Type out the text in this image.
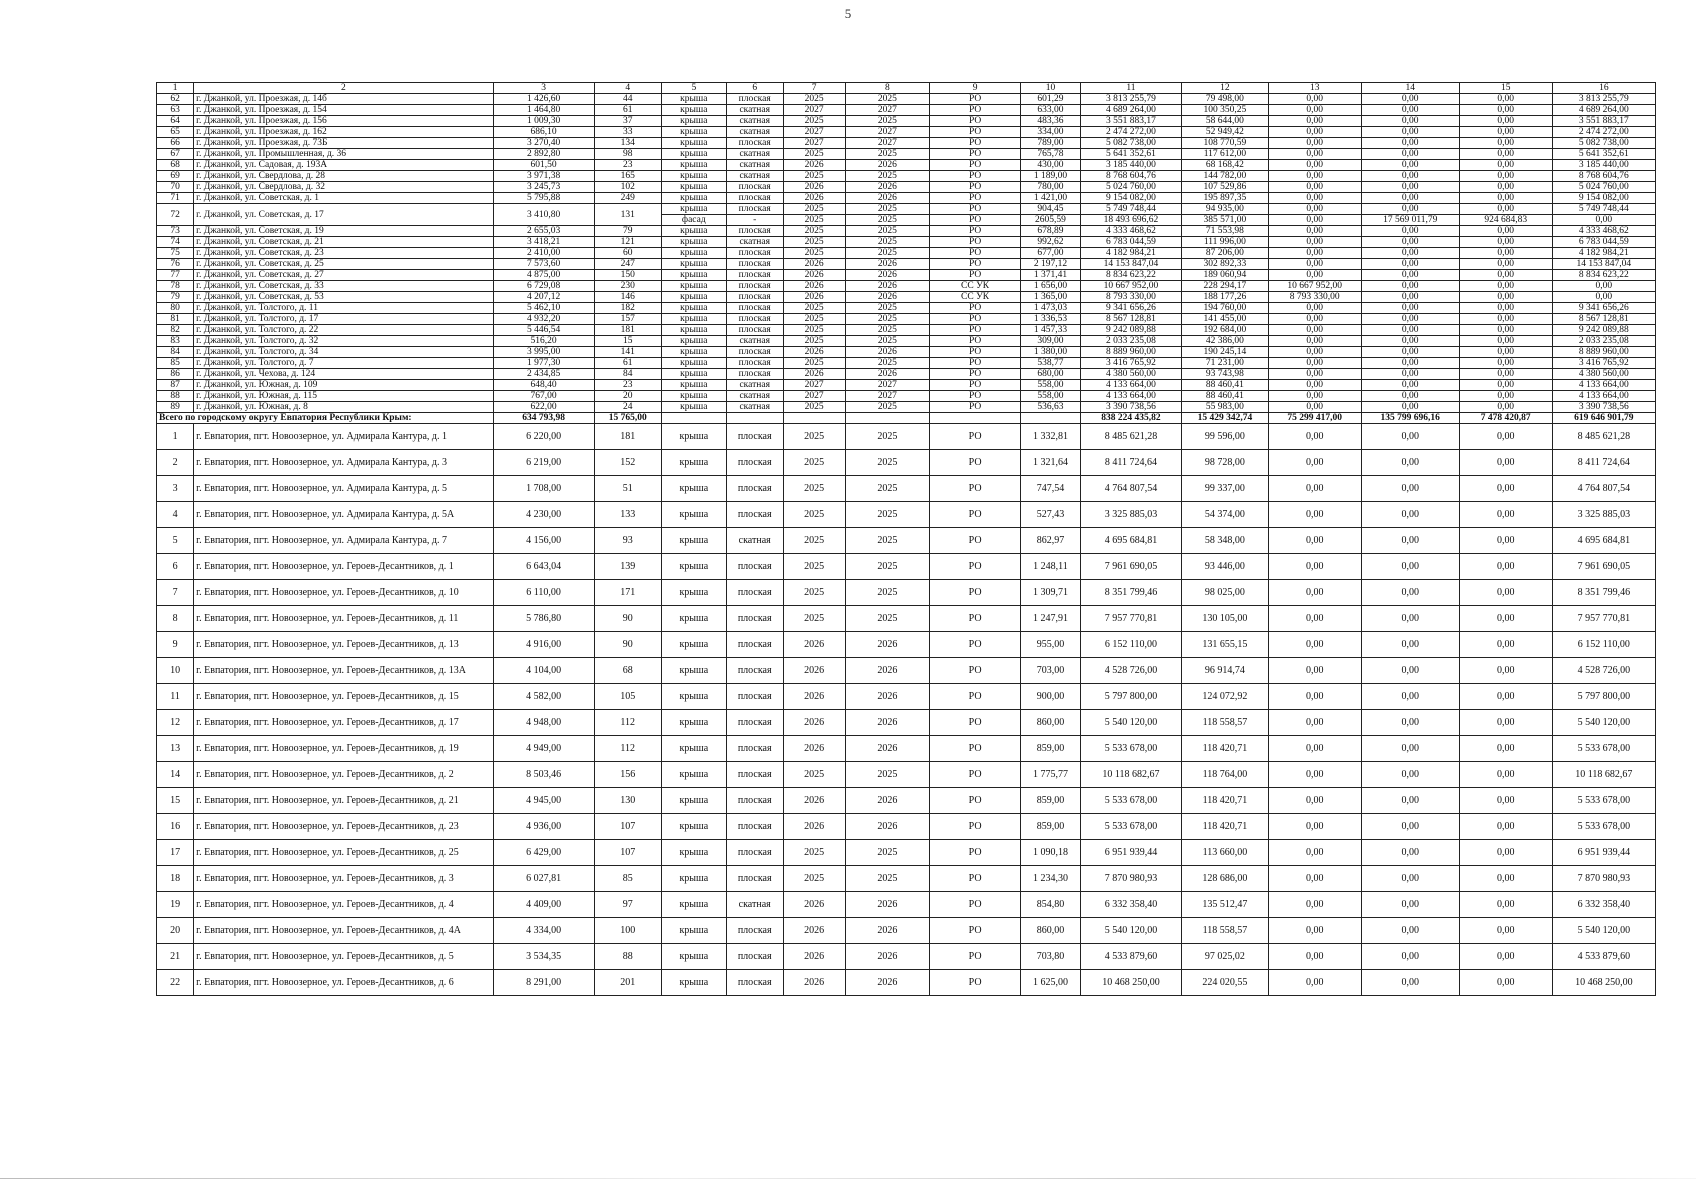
5
1	2	3	4	5	6	7	8	9	10	11	12	13	14	15	16
62	г. Джанкой, ул. Проезжая, д. 14б	1 426,60	44	крыша	плоская	2025	2025	РО	601,29	3 813 255,79	79 498,00	0,00	0,00	0,00	3 813 255,79
63	г. Джанкой, ул. Проезжая, д. 154	1 464,80	61	крыша	скатная	2027	2027	РО	633,00	4 689 264,00	100 350,25	0,00	0,00	0,00	4 689 264,00
64	г. Джанкой, ул. Проезжая, д. 156	1 009,30	37	крыша	скатная	2025	2025	РО	483,36	3 551 883,17	58 644,00	0,00	0,00	0,00	3 551 883,17
65	г. Джанкой, ул. Проезжая, д. 162	686,10	33	крыша	скатная	2027	2027	РО	334,00	2 474 272,00	52 949,42	0,00	0,00	0,00	2 474 272,00
66	г. Джанкой, ул. Проезжая, д. 73Б	3 270,40	134	крыша	плоская	2027	2027	РО	789,00	5 082 738,00	108 770,59	0,00	0,00	0,00	5 082 738,00
67	г. Джанкой, ул. Промышленная, д. 36	2 892,80	98	крыша	скатная	2025	2025	РО	765,78	5 641 352,61	117 612,00	0,00	0,00	0,00	5 641 352,61
68	г. Джанкой, ул. Садовая, д. 193А	601,50	23	крыша	скатная	2026	2026	РО	430,00	3 185 440,00	68 168,42	0,00	0,00	0,00	3 185 440,00
69	г. Джанкой, ул. Свердлова, д. 28	3 971,38	165	крыша	скатная	2025	2025	РО	1 189,00	8 768 604,76	144 782,00	0,00	0,00	0,00	8 768 604,76
70	г. Джанкой, ул. Свердлова, д. 32	3 245,73	102	крыша	плоская	2026	2026	РО	780,00	5 024 760,00	107 529,86	0,00	0,00	0,00	5 024 760,00
71	г. Джанкой, ул. Советская, д. 1	5 795,88	249	крыша	плоская	2026	2026	РО	1 421,00	9 154 082,00	195 897,35	0,00	0,00	0,00	9 154 082,00
72	г. Джанкой, ул. Советская, д. 17	3 410,80	131	крыша	плоская	2025	2025	РО	904,45	5 749 748,44	94 935,00	0,00	0,00	0,00	5 749 748,44
				фасад	-	2025	2025	РО	2605,59	18 493 696,62	385 571,00	0,00	17 569 011,79	924 684,83	0,00
73	г. Джанкой, ул. Советская, д. 19	2 655,03	79	крыша	плоская	2025	2025	РО	678,89	4 333 468,62	71 553,98	0,00	0,00	0,00	4 333 468,62
74	г. Джанкой, ул. Советская, д. 21	3 418,21	121	крыша	скатная	2025	2025	РО	992,62	6 783 044,59	111 996,00	0,00	0,00	0,00	6 783 044,59
75	г. Джанкой, ул. Советская, д. 23	2 410,00	60	крыша	плоская	2025	2025	РО	677,00	4 182 984,21	87 206,00	0,00	0,00	0,00	4 182 984,21
76	г. Джанкой, ул. Советская, д. 25	7 573,60	247	крыша	плоская	2026	2026	РО	2 197,12	14 153 847,04	302 892,33	0,00	0,00	0,00	14 153 847,04
77	г. Джанкой, ул. Советская, д. 27	4 875,00	150	крыша	плоская	2026	2026	РО	1 371,41	8 834 623,22	189 060,94	0,00	0,00	0,00	8 834 623,22
78	г. Джанкой, ул. Советская, д. 33	6 729,08	230	крыша	плоская	2026	2026	СС УК	1 656,00	10 667 952,00	228 294,17	10 667 952,00	0,00	0,00	0,00
79	г. Джанкой, ул. Советская, д. 53	4 207,12	146	крыша	плоская	2026	2026	СС УК	1 365,00	8 793 330,00	188 177,26	8 793 330,00	0,00	0,00	0,00
80	г. Джанкой, ул. Толстого, д. 11	5 462,10	182	крыша	плоская	2025	2025	РО	1 473,03	9 341 656,26	194 760,00	0,00	0,00	0,00	9 341 656,26
81	г. Джанкой, ул. Толстого, д. 17	4 932,20	157	крыша	плоская	2025	2025	РО	1 336,53	8 567 128,81	141 455,00	0,00	0,00	0,00	8 567 128,81
82	г. Джанкой, ул. Толстого, д. 22	5 446,54	181	крыша	плоская	2025	2025	РО	1 457,33	9 242 089,88	192 684,00	0,00	0,00	0,00	9 242 089,88
83	г. Джанкой, ул. Толстого, д. 32	516,20	15	крыша	скатная	2025	2025	РО	309,00	2 033 235,08	42 386,00	0,00	0,00	0,00	2 033 235,08
84	г. Джанкой, ул. Толстого, д. 34	3 995,00	141	крыша	плоская	2026	2026	РО	1 380,00	8 889 960,00	190 245,14	0,00	0,00	0,00	8 889 960,00
85	г. Джанкой, ул. Толстого, д. 7	1 977,30	61	крыша	плоская	2025	2025	РО	538,77	3 416 765,92	71 231,00	0,00	0,00	0,00	3 416 765,92
86	г. Джанкой, ул. Чехова, д. 124	2 434,85	84	крыша	плоская	2026	2026	РО	680,00	4 380 560,00	93 743,98	0,00	0,00	0,00	4 380 560,00
87	г. Джанкой, ул. Южная, д. 109	648,40	23	крыша	скатная	2027	2027	РО	558,00	4 133 664,00	88 460,41	0,00	0,00	0,00	4 133 664,00
88	г. Джанкой, ул. Южная, д. 115	767,00	20	крыша	скатная	2027	2027	РО	558,00	4 133 664,00	88 460,41	0,00	0,00	0,00	4 133 664,00
89	г. Джанкой, ул. Южная, д. 8	622,00	24	крыша	скатная	2025	2025	РО	536,63	3 390 738,56	55 983,00	0,00	0,00	0,00	3 390 738,56
Всего по городскому округу Евпатория Республики Крым:		634 793,98	15 765,00							838 224 435,82	15 429 342,74	75 299 417,00	135 799 696,16	7 478 420,87	619 646 901,79
1	г. Евпатория, пгт. Новоозерное, ул. Адмирала Кантура, д. 1	6 220,00	181	крыша	плоская	2025	2025	РО	1 332,81	8 485 621,28	99 596,00	0,00	0,00	0,00	8 485 621,28
2	г. Евпатория, пгт. Новоозерное, ул. Адмирала Кантура, д. 3	6 219,00	152	крыша	плоская	2025	2025	РО	1 321,64	8 411 724,64	98 728,00	0,00	0,00	0,00	8 411 724,64
3	г. Евпатория, пгт. Новоозерное, ул. Адмирала Кантура, д. 5	1 708,00	51	крыша	плоская	2025	2025	РО	747,54	4 764 807,54	99 337,00	0,00	0,00	0,00	4 764 807,54
4	г. Евпатория, пгт. Новоозерное, ул. Адмирала Кантура, д. 5А	4 230,00	133	крыша	плоская	2025	2025	РО	527,43	3 325 885,03	54 374,00	0,00	0,00	0,00	3 325 885,03
5	г. Евпатория, пгт. Новоозерное, ул. Адмирала Кантура, д. 7	4 156,00	93	крыша	скатная	2025	2025	РО	862,97	4 695 684,81	58 348,00	0,00	0,00	0,00	4 695 684,81
6	г. Евпатория, пгт. Новоозерное, ул. Героев-Десантников, д. 1	6 643,04	139	крыша	плоская	2025	2025	РО	1 248,11	7 961 690,05	93 446,00	0,00	0,00	0,00	7 961 690,05
7	г. Евпатория, пгт. Новоозерное, ул. Героев-Десантников, д. 10	6 110,00	171	крыша	плоская	2025	2025	РО	1 309,71	8 351 799,46	98 025,00	0,00	0,00	0,00	8 351 799,46
8	г. Евпатория, пгт. Новоозерное, ул. Героев-Десантников, д. 11	5 786,80	90	крыша	плоская	2025	2025	РО	1 247,91	7 957 770,81	130 105,00	0,00	0,00	0,00	7 957 770,81
9	г. Евпатория, пгт. Новоозерное, ул. Героев-Десантников, д. 13	4 916,00	90	крыша	плоская	2026	2026	РО	955,00	6 152 110,00	131 655,15	0,00	0,00	0,00	6 152 110,00
10	г. Евпатория, пгт. Новоозерное, ул. Героев-Десантников, д. 13А	4 104,00	68	крыша	плоская	2026	2026	РО	703,00	4 528 726,00	96 914,74	0,00	0,00	0,00	4 528 726,00
11	г. Евпатория, пгт. Новоозерное, ул. Героев-Десантников, д. 15	4 582,00	105	крыша	плоская	2026	2026	РО	900,00	5 797 800,00	124 072,92	0,00	0,00	0,00	5 797 800,00
12	г. Евпатория, пгт. Новоозерное, ул. Героев-Десантников, д. 17	4 948,00	112	крыша	плоская	2026	2026	РО	860,00	5 540 120,00	118 558,57	0,00	0,00	0,00	5 540 120,00
13	г. Евпатория, пгт. Новоозерное, ул. Героев-Десантников, д. 19	4 949,00	112	крыша	плоская	2026	2026	РО	859,00	5 533 678,00	118 420,71	0,00	0,00	0,00	5 533 678,00
14	г. Евпатория, пгт. Новоозерное, ул. Героев-Десантников, д. 2	8 503,46	156	крыша	плоская	2025	2025	РО	1 775,77	10 118 682,67	118 764,00	0,00	0,00	0,00	10 118 682,67
15	г. Евпатория, пгт. Новоозерное, ул. Героев-Десантников, д. 21	4 945,00	130	крыша	плоская	2026	2026	РО	859,00	5 533 678,00	118 420,71	0,00	0,00	0,00	5 533 678,00
16	г. Евпатория, пгт. Новоозерное, ул. Героев-Десантников, д. 23	4 936,00	107	крыша	плоская	2026	2026	РО	859,00	5 533 678,00	118 420,71	0,00	0,00	0,00	5 533 678,00
17	г. Евпатория, пгт. Новоозерное, ул. Героев-Десантников, д. 25	6 429,00	107	крыша	плоская	2025	2025	РО	1 090,18	6 951 939,44	113 660,00	0,00	0,00	0,00	6 951 939,44
18	г. Евпатория, пгт. Новоозерное, ул. Героев-Десантников, д. 3	6 027,81	85	крыша	плоская	2025	2025	РО	1 234,30	7 870 980,93	128 686,00	0,00	0,00	0,00	7 870 980,93
19	г. Евпатория, пгт. Новоозерное, ул. Героев-Десантников, д. 4	4 409,00	97	крыша	скатная	2026	2026	РО	854,80	6 332 358,40	135 512,47	0,00	0,00	0,00	6 332 358,40
20	г. Евпатория, пгт. Новоозерное, ул. Героев-Десантников, д. 4А	4 334,00	100	крыша	плоская	2026	2026	РО	860,00	5 540 120,00	118 558,57	0,00	0,00	0,00	5 540 120,00
21	г. Евпатория, пгт. Новоозерное, ул. Героев-Десантников, д. 5	3 534,35	88	крыша	плоская	2026	2026	РО	703,80	4 533 879,60	97 025,02	0,00	0,00	0,00	4 533 879,60
22	г. Евпатория, пгт. Новоозерное, ул. Героев-Десантников, д. 6	8 291,00	201	крыша	плоская	2026	2026	РО	1 625,00	10 468 250,00	224 020,55	0,00	0,00	0,00	10 468 250,00
